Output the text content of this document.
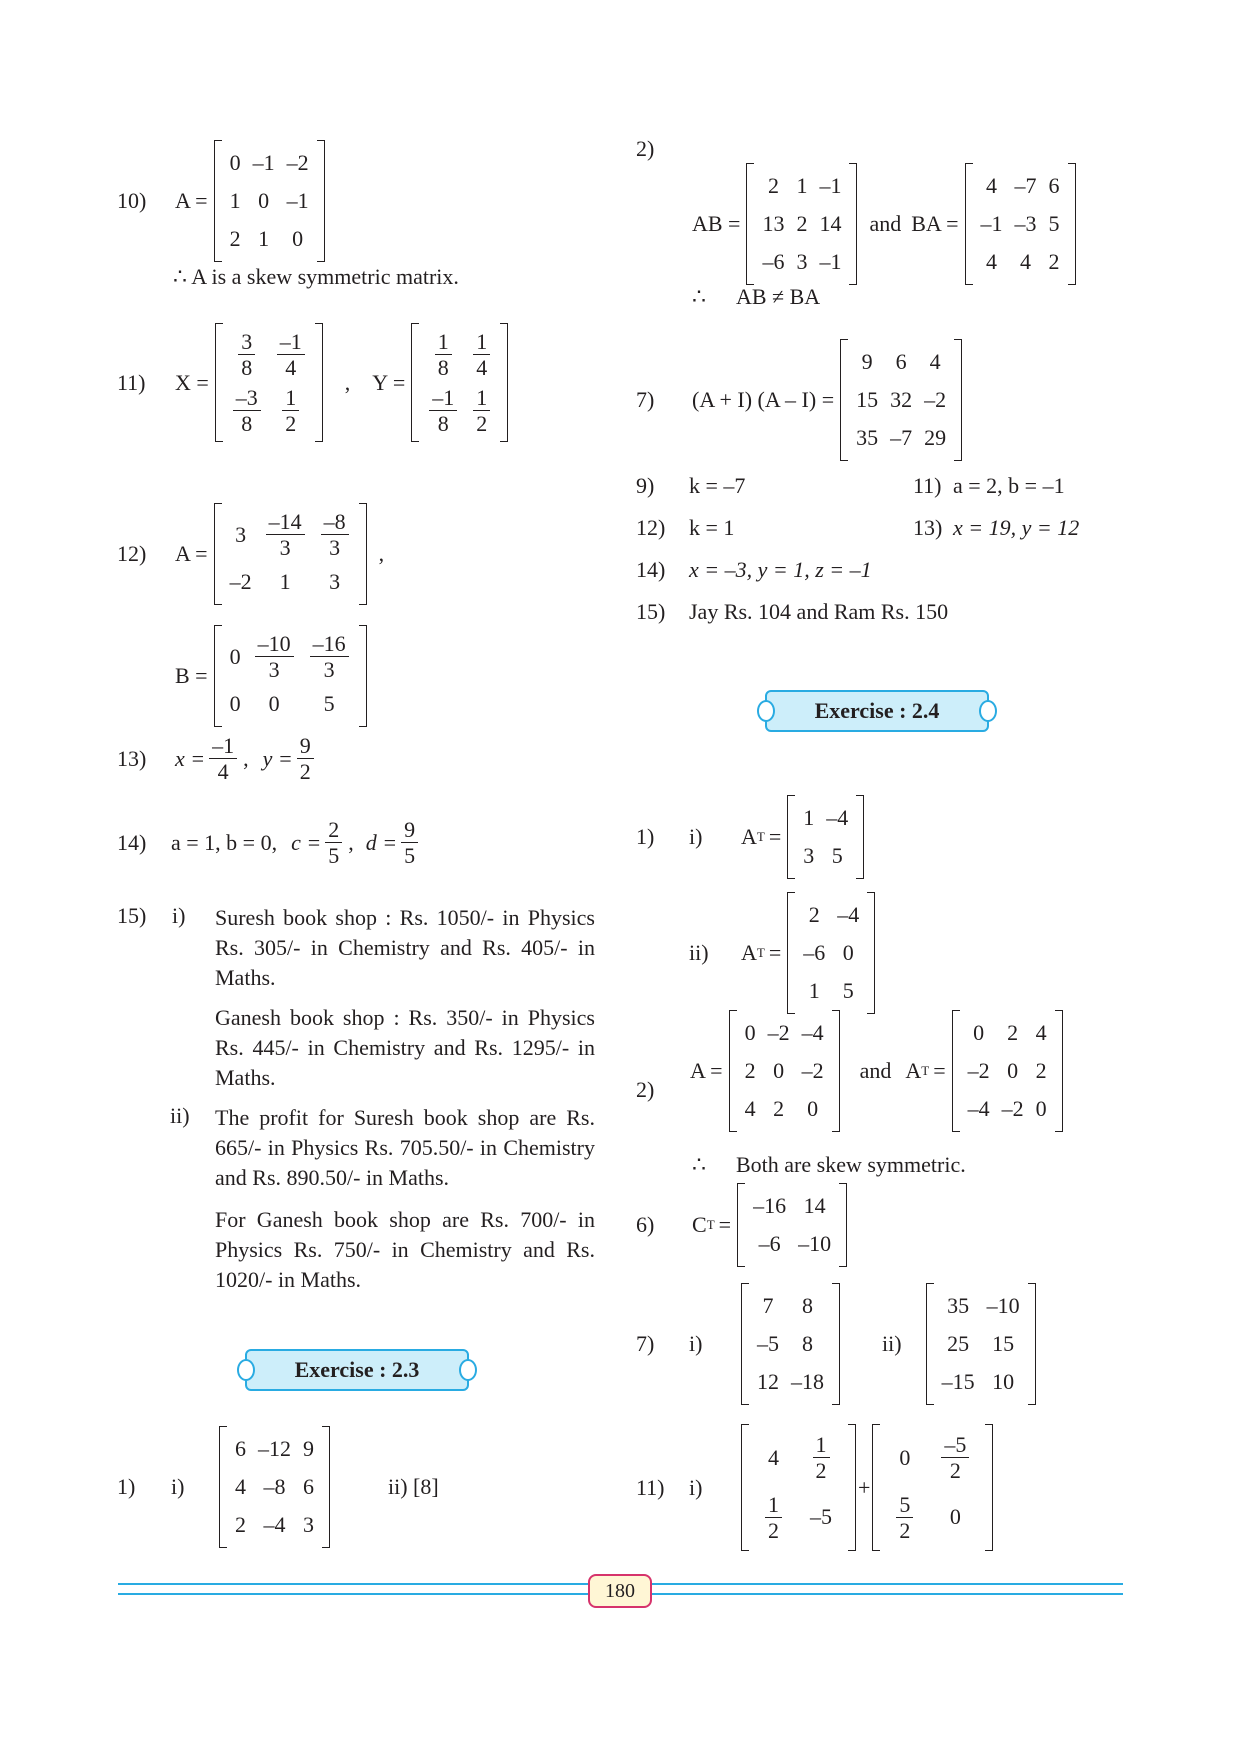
10)	A =
0 –1 –2
1 0 –1
2 1 0
∴ A is a skew symmetric matrix.
11)	X =
$\frac{3}{8} \frac{-1}{4}$
$\frac{-3}{8} \frac{1}{2}$
, Y =
$\frac{1}{8} \frac{1}{4}$
$\frac{-1}{8} \frac{1}{2}$
12)	A =
$3 \frac{-14}{3} \frac{-8}{3}$
–2 1 3
,
B =
$0 \frac{-10}{3} \frac{-16}{3}$
0 0 5
13)	$x = \frac{-1}{4}$ , $y = \frac{9}{2}$
14)	a = 1, b = 0, $c = \frac{2}{5}$ , $d = \frac{9}{5}$
15) i) Suresh book shop : Rs. 1050/- in Physics Rs. 305/- in Chemistry and Rs. 405/- in Maths.
Ganesh book shop : Rs. 350/- in Physics Rs. 445/- in Chemistry and Rs. 1295/- in Maths.
ii) The profit for Suresh book shop are Rs. 665/- in Physics Rs. 705.50/- in Chemistry and Rs. 890.50/- in Maths.
For Ganesh book shop are Rs. 700/- in Physics Rs. 750/- in Chemistry and Rs. 1020/- in Maths.
Exercise : 2.3
1)	i)
6 –12 9
4 –8 6
2 –4 3
ii) [8]
2)
AB =
2 1 –1
13 2 14
–6 3 –1
and BA =
4 –7 6
–1 –3 5
4 4 2
∴	AB ≠ BA
7)	(A + I) (A – I) =
9 6 4
15 32 –2
35 –7 29
9)	k = –7	11) a = 2, b = –1
12)	k = 1	13) x = 19, y = 12
14)	x = –3, y = 1, z = –1
15)	Jay Rs. 104 and Ram Rs. 150
Exercise : 2.4
1)	i)	A T =
1 –4
3 5
ii)	A T =
2 –4
–6 0
1 5
2)
A =
0 –2 –4
2 0 –2
4 2 0
and A T =
0 2 4
–2 0 2
–4 –2 0
∴	Both are skew symmetric.
6)	C T =
–16 14
–6 –10
7)	i)
7 8
–5 8
12 –18
ii)
35 –10
25 15
–15 10
11)	i)
4	$\frac{1}{2}$
$\frac{1}{2}$	–5
+
0	$\frac{-5}{2}$
$\frac{5}{2}$	0
180
